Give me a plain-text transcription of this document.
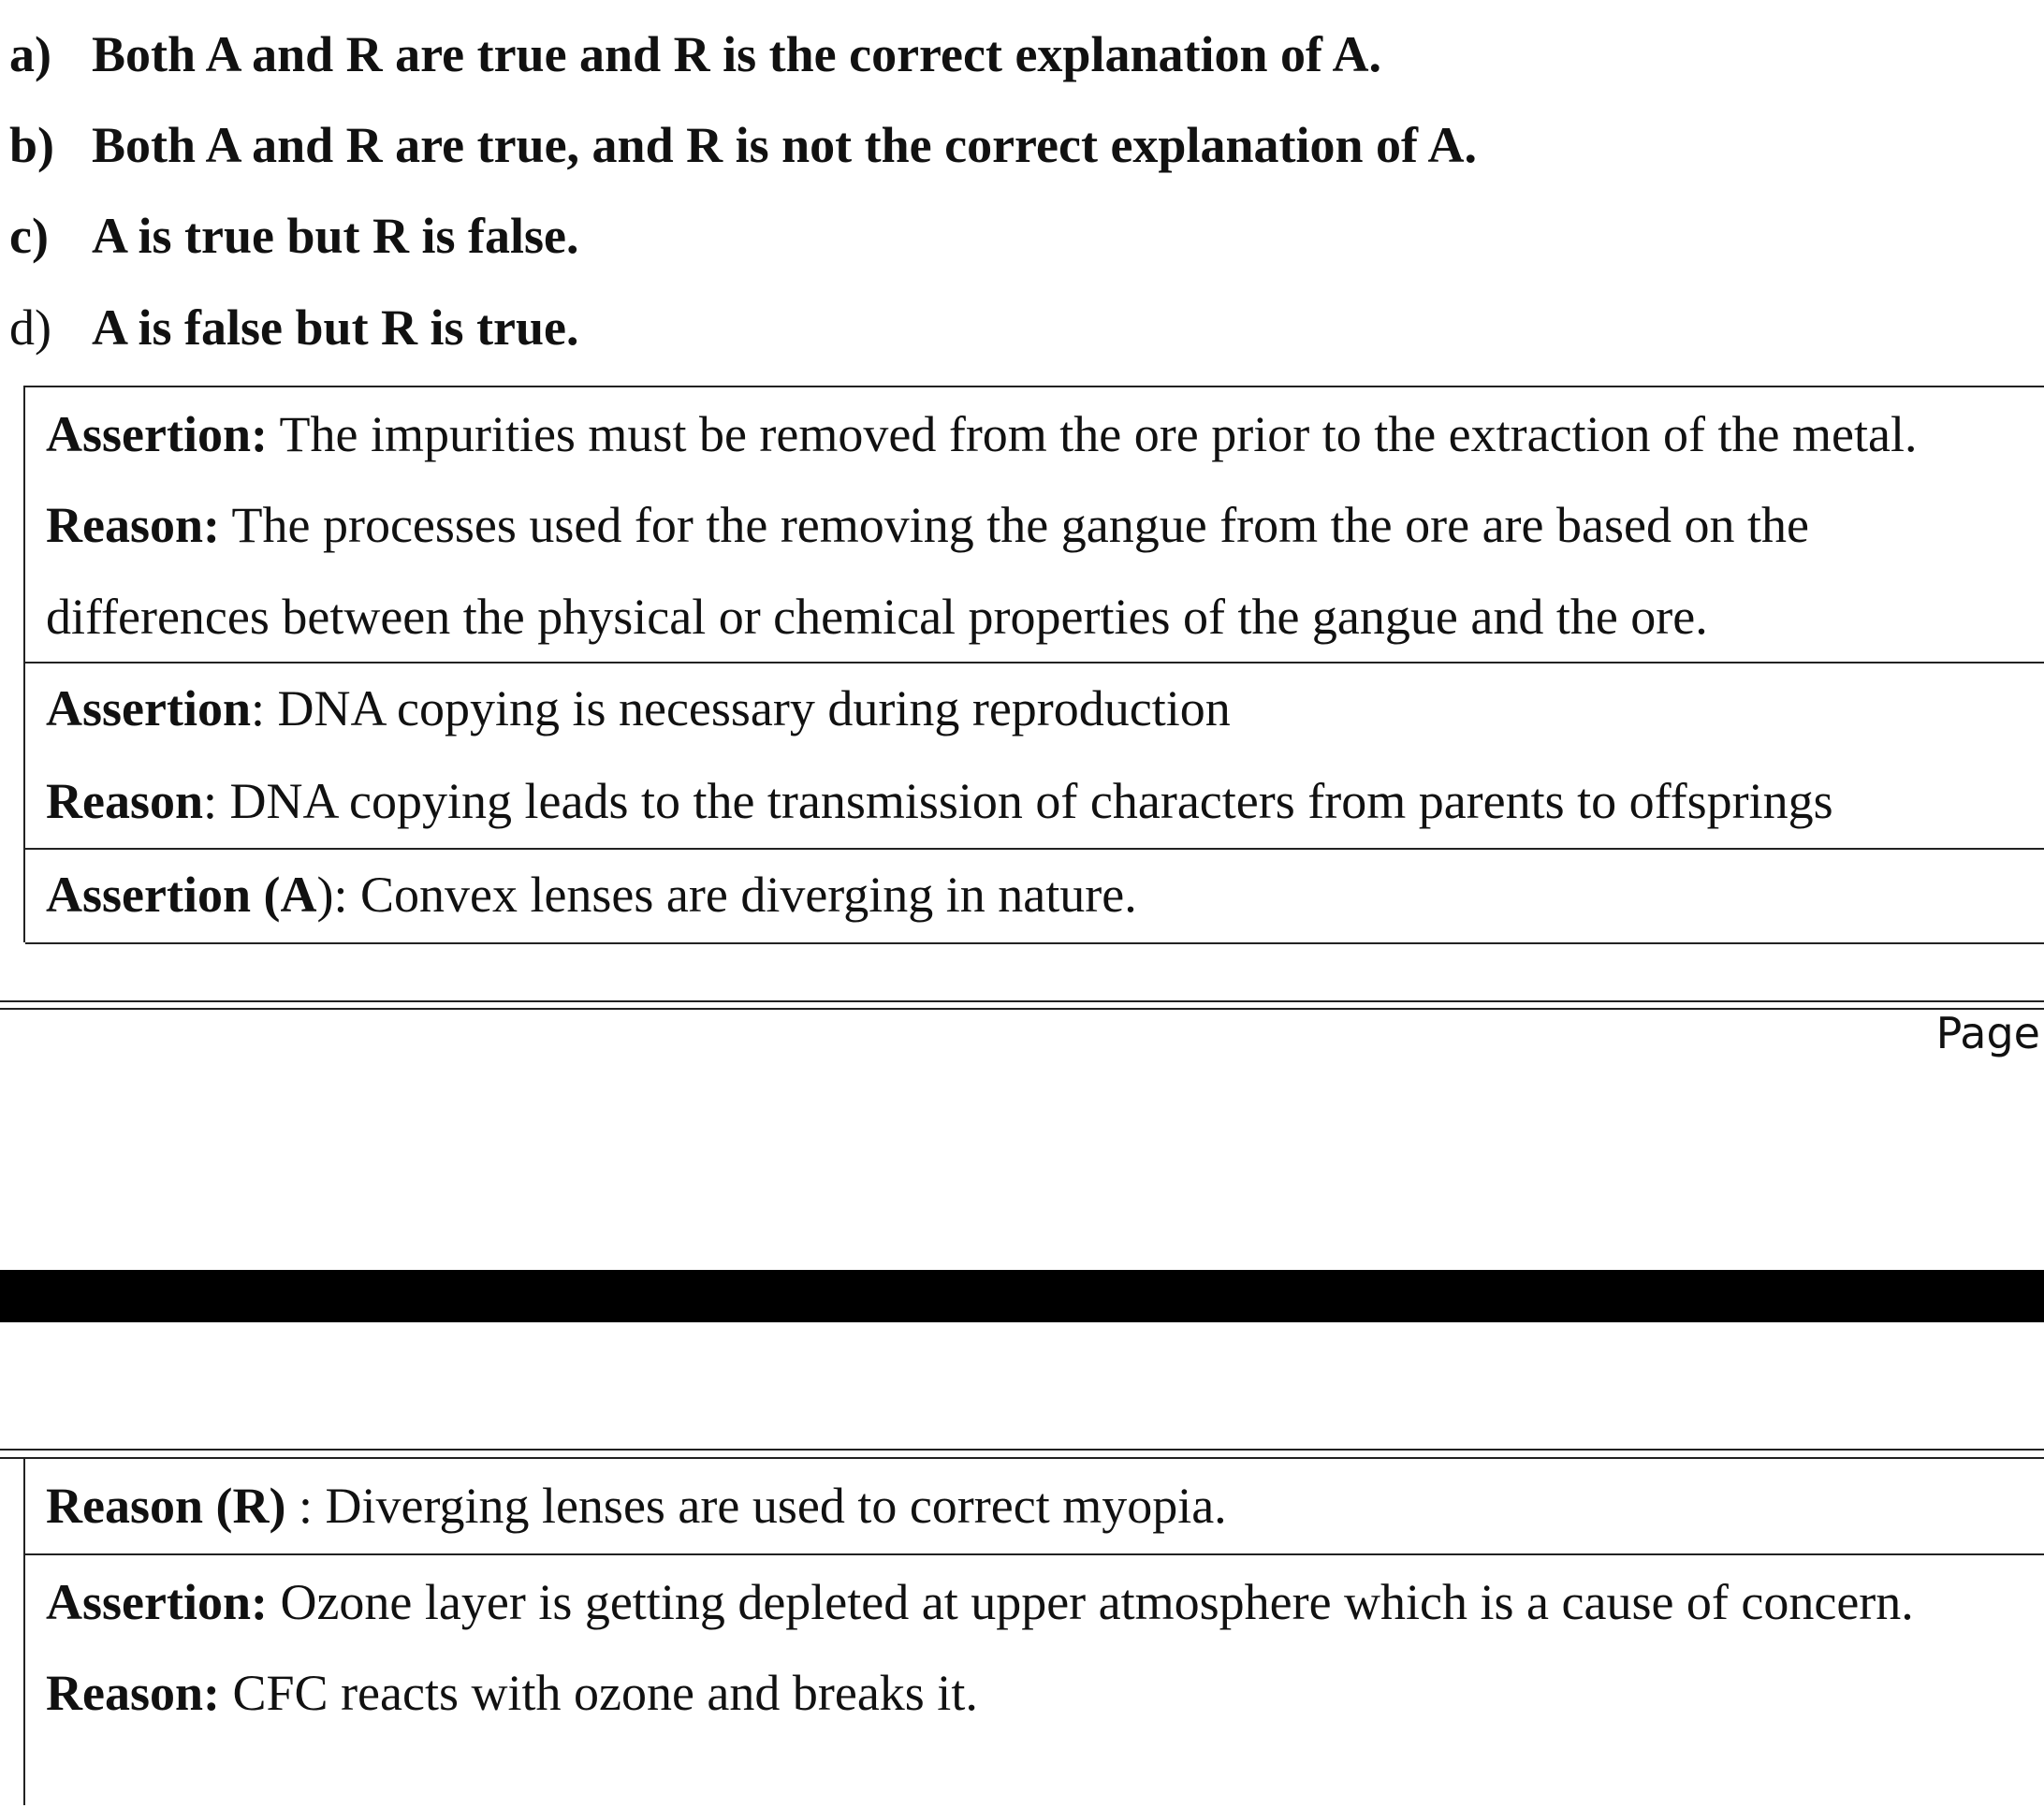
a) Both A and R are true and R is the correct explanation of A.
b) Both A and R are true, and R is not the correct explanation of A.
c) A is true but R is false.
d) A is false but R is true.
Assertion: The impurities must be removed from the ore prior to the extraction of the metal.
Reason: The processes used for the removing the gangue from the ore are based on the
differences between the physical or chemical properties of the gangue and the ore.
Assertion: DNA copying is necessary during reproduction
Reason: DNA copying leads to the transmission of characters from parents to offsprings
Assertion (A): Convex lenses are diverging in nature.
Page
Reason (R) : Diverging lenses are used to correct myopia.
Assertion: Ozone layer is getting depleted at upper atmosphere which is a cause of concern.
Reason: CFC reacts with ozone and breaks it.
